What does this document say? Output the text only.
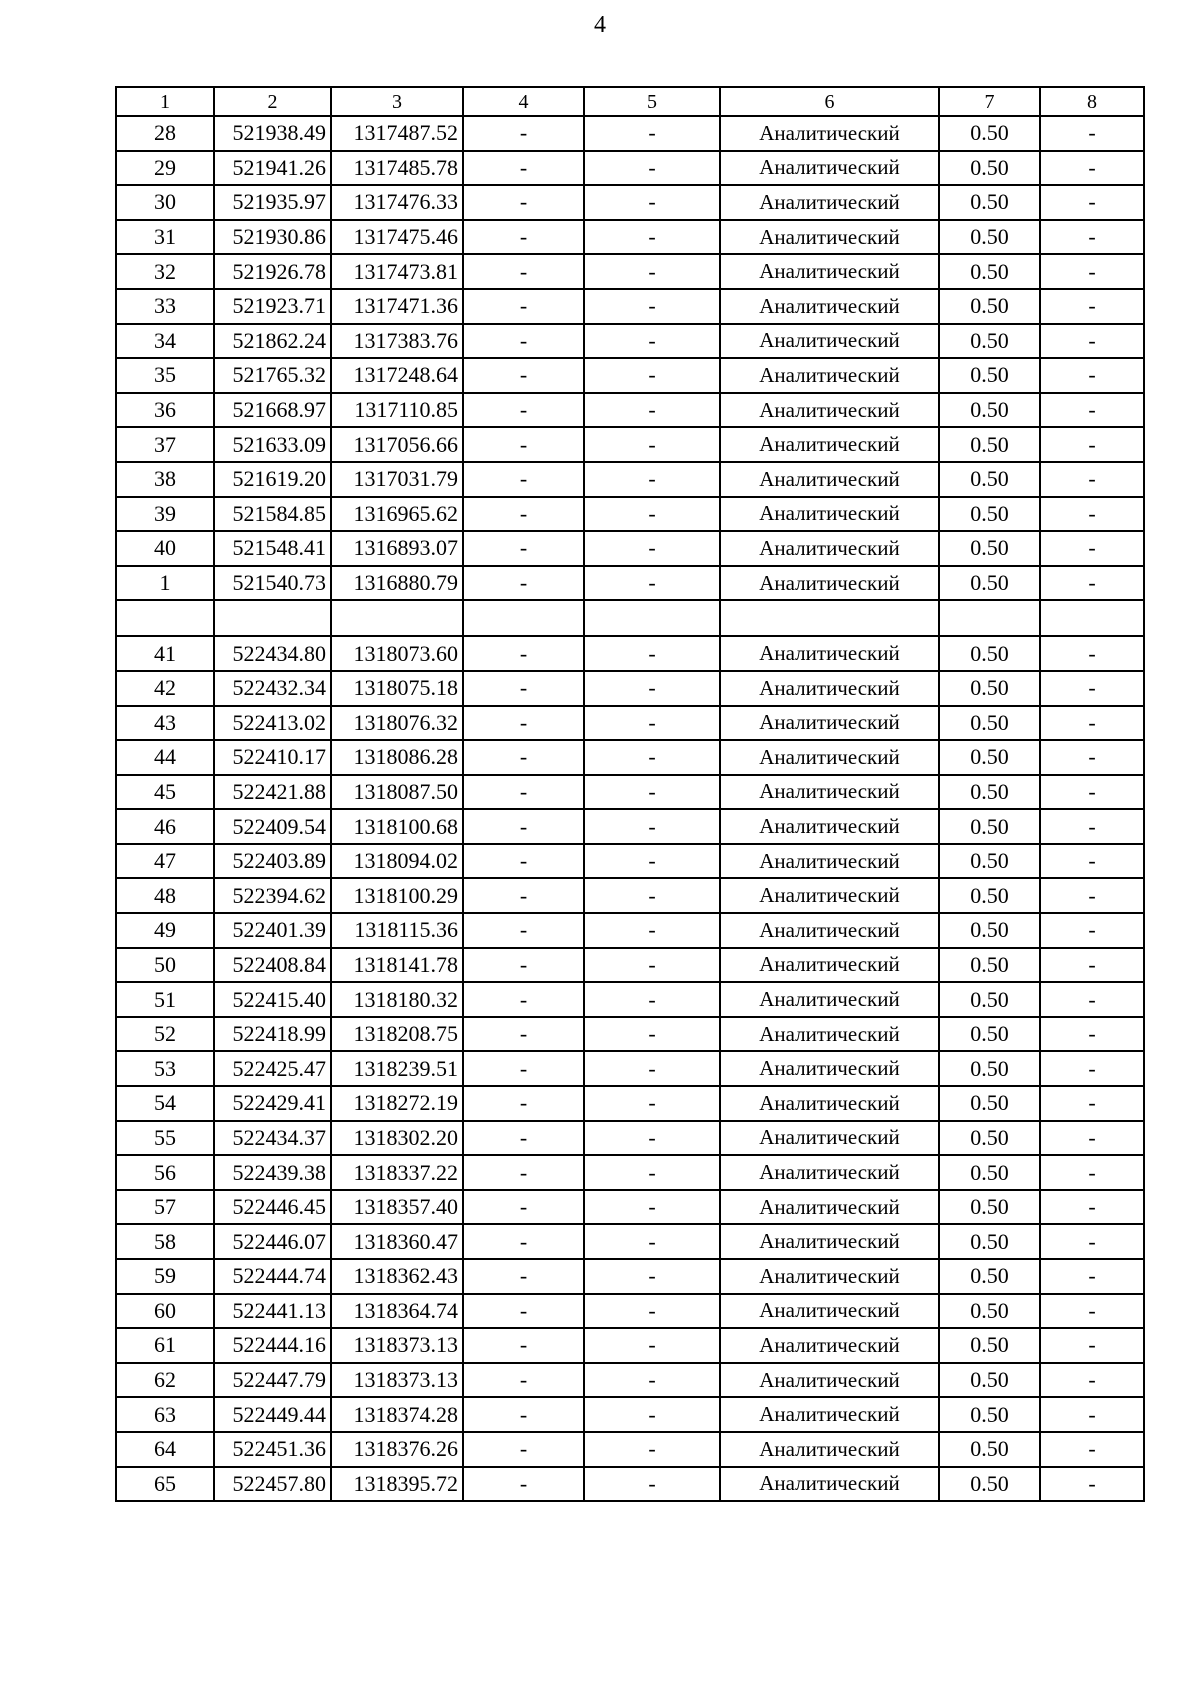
4
1	2	3	4	5	6	7	8
28	521938.49	1317487.52	-	-	Аналитический	0.50	-
29	521941.26	1317485.78	-	-	Аналитический	0.50	-
30	521935.97	1317476.33	-	-	Аналитический	0.50	-
31	521930.86	1317475.46	-	-	Аналитический	0.50	-
32	521926.78	1317473.81	-	-	Аналитический	0.50	-
33	521923.71	1317471.36	-	-	Аналитический	0.50	-
34	521862.24	1317383.76	-	-	Аналитический	0.50	-
35	521765.32	1317248.64	-	-	Аналитический	0.50	-
36	521668.97	1317110.85	-	-	Аналитический	0.50	-
37	521633.09	1317056.66	-	-	Аналитический	0.50	-
38	521619.20	1317031.79	-	-	Аналитический	0.50	-
39	521584.85	1316965.62	-	-	Аналитический	0.50	-
40	521548.41	1316893.07	-	-	Аналитический	0.50	-
1	521540.73	1316880.79	-	-	Аналитический	0.50	-

41	522434.80	1318073.60	-	-	Аналитический	0.50	-
42	522432.34	1318075.18	-	-	Аналитический	0.50	-
43	522413.02	1318076.32	-	-	Аналитический	0.50	-
44	522410.17	1318086.28	-	-	Аналитический	0.50	-
45	522421.88	1318087.50	-	-	Аналитический	0.50	-
46	522409.54	1318100.68	-	-	Аналитический	0.50	-
47	522403.89	1318094.02	-	-	Аналитический	0.50	-
48	522394.62	1318100.29	-	-	Аналитический	0.50	-
49	522401.39	1318115.36	-	-	Аналитический	0.50	-
50	522408.84	1318141.78	-	-	Аналитический	0.50	-
51	522415.40	1318180.32	-	-	Аналитический	0.50	-
52	522418.99	1318208.75	-	-	Аналитический	0.50	-
53	522425.47	1318239.51	-	-	Аналитический	0.50	-
54	522429.41	1318272.19	-	-	Аналитический	0.50	-
55	522434.37	1318302.20	-	-	Аналитический	0.50	-
56	522439.38	1318337.22	-	-	Аналитический	0.50	-
57	522446.45	1318357.40	-	-	Аналитический	0.50	-
58	522446.07	1318360.47	-	-	Аналитический	0.50	-
59	522444.74	1318362.43	-	-	Аналитический	0.50	-
60	522441.13	1318364.74	-	-	Аналитический	0.50	-
61	522444.16	1318373.13	-	-	Аналитический	0.50	-
62	522447.79	1318373.13	-	-	Аналитический	0.50	-
63	522449.44	1318374.28	-	-	Аналитический	0.50	-
64	522451.36	1318376.26	-	-	Аналитический	0.50	-
65	522457.80	1318395.72	-	-	Аналитический	0.50	-
